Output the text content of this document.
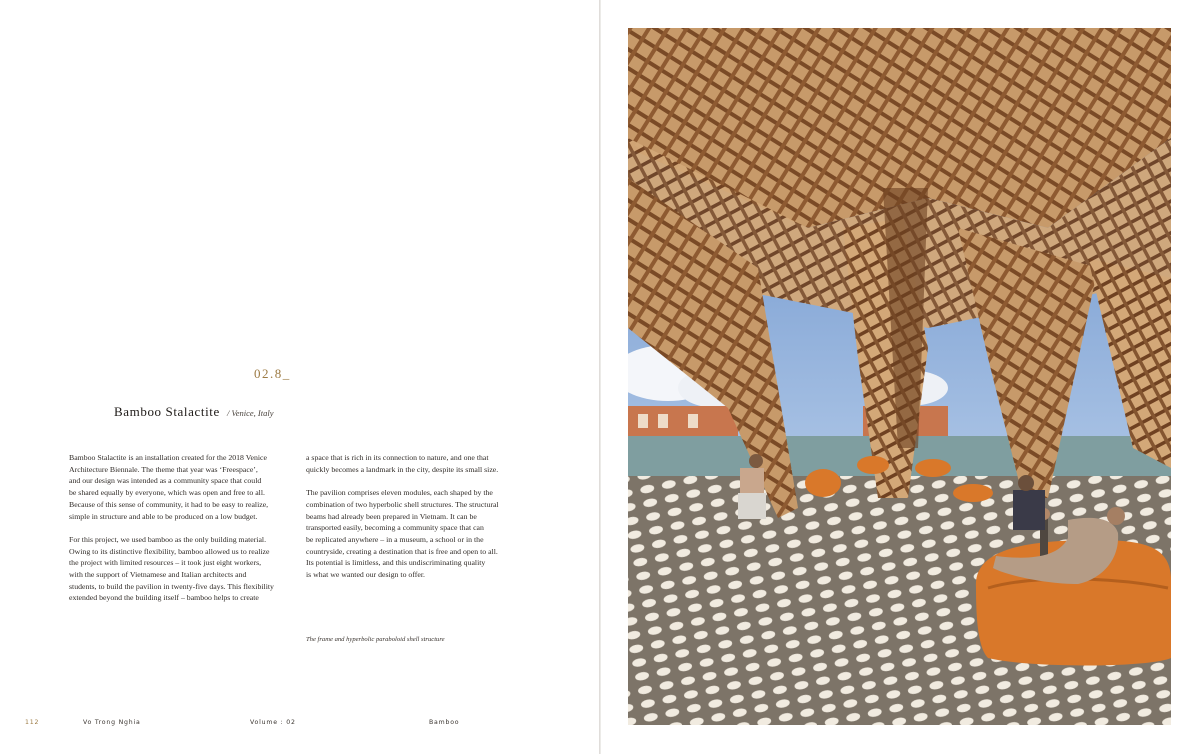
02.8_
Bamboo Stalactite / Venice, Italy

Bamboo Stalactite is an installation created for the 2018 Venice
Architecture Biennale. The theme that year was ‘Freespace’,
and our design was intended as a community space that could
be shared equally by everyone, which was open and free to all.
Because of this sense of community, it had to be easy to realize,
simple in structure and able to be produced on a low budget.

For this project, we used bamboo as the only building material.
Owing to its distinctive flexibility, bamboo allowed us to realize
the project with limited resources – it took just eight workers,
with the support of Vietnamese and Italian architects and
students, to build the pavilion in twenty-five days. This flexibility
extended beyond the building itself – bamboo helps to create

a space that is rich in its connection to nature, and one that
quickly becomes a landmark in the city, despite its small size.

The pavilion comprises eleven modules, each shaped by the
combination of two hyperbolic shell structures. The structural
beams had already been prepared in Vietnam. It can be
transported easily, becoming a community space that can
be replicated anywhere – in a museum, a school or in the
countryside, creating a destination that is free and open to all.
Its potential is limitless, and this undiscriminating quality
is what we wanted our design to offer.

The frame and hyperbolic paraboloid shell structure
112	Vo Trong Nghia	Volume : 02	Bamboo
